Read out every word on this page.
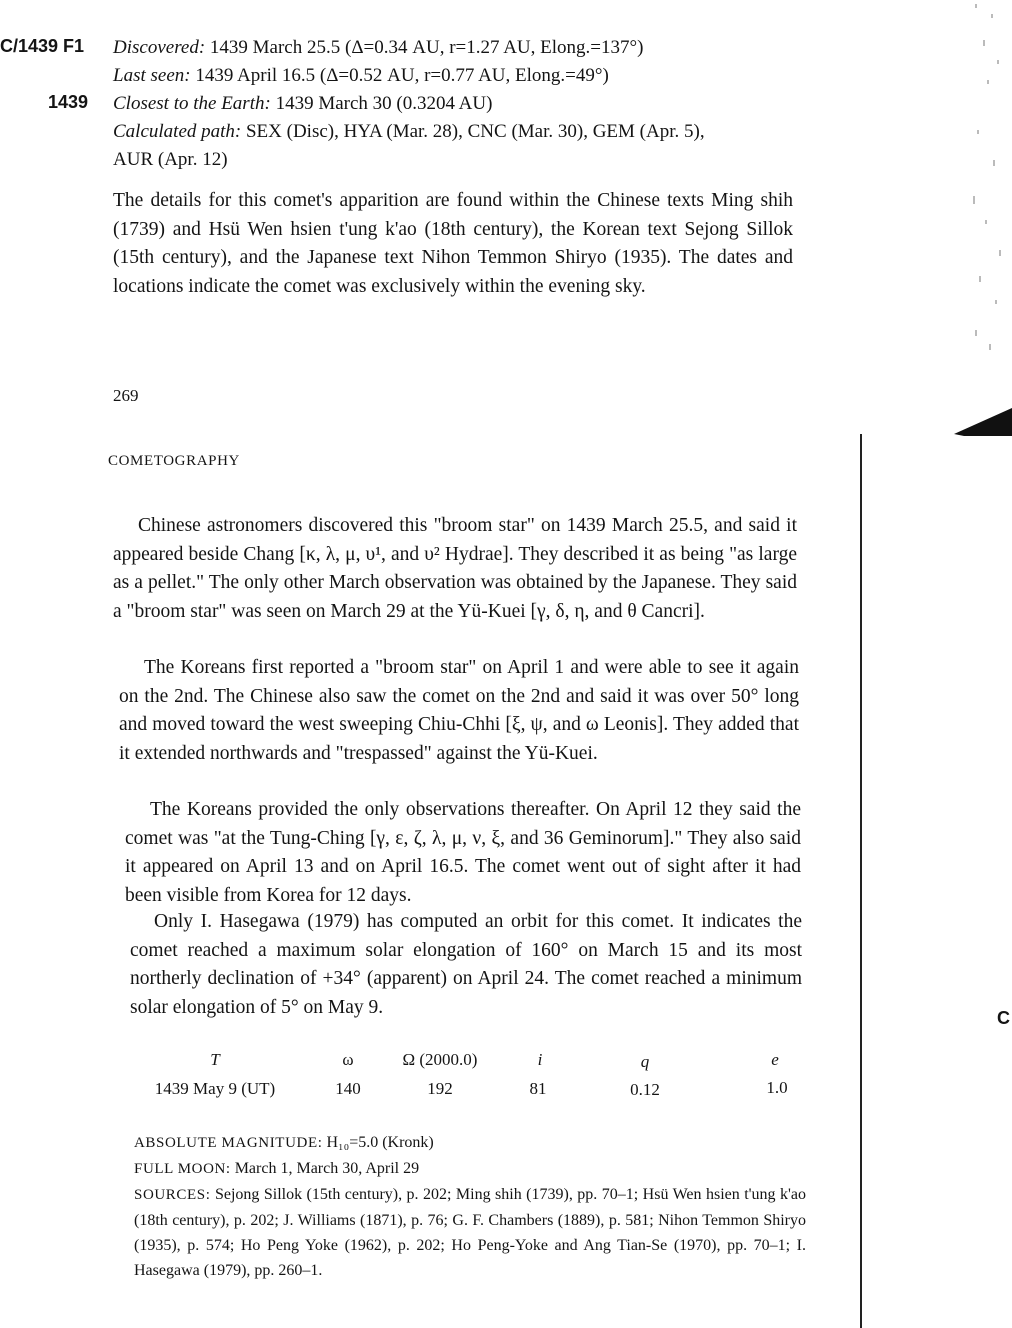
C/1439 F1
1439
Discovered: 1439 March 25.5 (Δ=0.34 AU, r=1.27 AU, Elong.=137°)
Last seen: 1439 April 16.5 (Δ=0.52 AU, r=0.77 AU, Elong.=49°)
Closest to the Earth: 1439 March 30 (0.3204 AU)
Calculated path: SEX (Disc), HYA (Mar. 28), CNC (Mar. 30), GEM (Apr. 5),
AUR (Apr. 12)
The details for this comet's apparition are found within the Chinese texts Ming shih (1739) and Hsü Wen hsien t'ung k'ao (18th century), the Korean text Sejong Sillok (15th century), and the Japanese text Nihon Temmon Shiryo (1935). The dates and locations indicate the comet was exclusively within the evening sky.
269
C
COMETOGRAPHY
Chinese astronomers discovered this "broom star" on 1439 March 25.5, and said it appeared beside Chang [κ, λ, μ, υ¹, and υ² Hydrae]. They described it as being "as large as a pellet." The only other March observation was obtained by the Japanese. They said a "broom star" was seen on March 29 at the Yü-Kuei [γ, δ, η, and θ Cancri].
The Koreans first reported a "broom star" on April 1 and were able to see it again on the 2nd. The Chinese also saw the comet on the 2nd and said it was over 50° long and moved toward the west sweeping Chiu-Chhi [ξ, ψ, and ω Leonis]. They added that it extended northwards and "trespassed" against the Yü-Kuei.
The Koreans provided the only observations thereafter. On April 12 they said the comet was "at the Tung-Ching [γ, ε, ζ, λ, μ, ν, ξ, and 36 Geminorum]." They also said it appeared on April 13 and on April 16.5. The comet went out of sight after it had been visible from Korea for 12 days.
Only I. Hasegawa (1979) has computed an orbit for this comet. It indicates the comet reached a maximum solar elongation of 160° on March 15 and its most northerly declination of +34° (apparent) on April 24. The comet reached a minimum solar elongation of 5° on May 9.
T	ω	Ω (2000.0)	i	q	e
1439 May 9 (UT)	140	192	81	0.12	1.0
ABSOLUTE MAGNITUDE: H₁₀=5.0 (Kronk)
FULL MOON: March 1, March 30, April 29
SOURCES: Sejong Sillok (15th century), p. 202; Ming shih (1739), pp. 70–1; Hsü Wen hsien t'ung k'ao (18th century), p. 202; J. Williams (1871), p. 76; G. F. Chambers (1889), p. 581; Nihon Temmon Shiryo (1935), p. 574; Ho Peng Yoke (1962), p. 202; Ho Peng-Yoke and Ang Tian-Se (1970), pp. 70–1; I. Hasegawa (1979), pp. 260–1.
